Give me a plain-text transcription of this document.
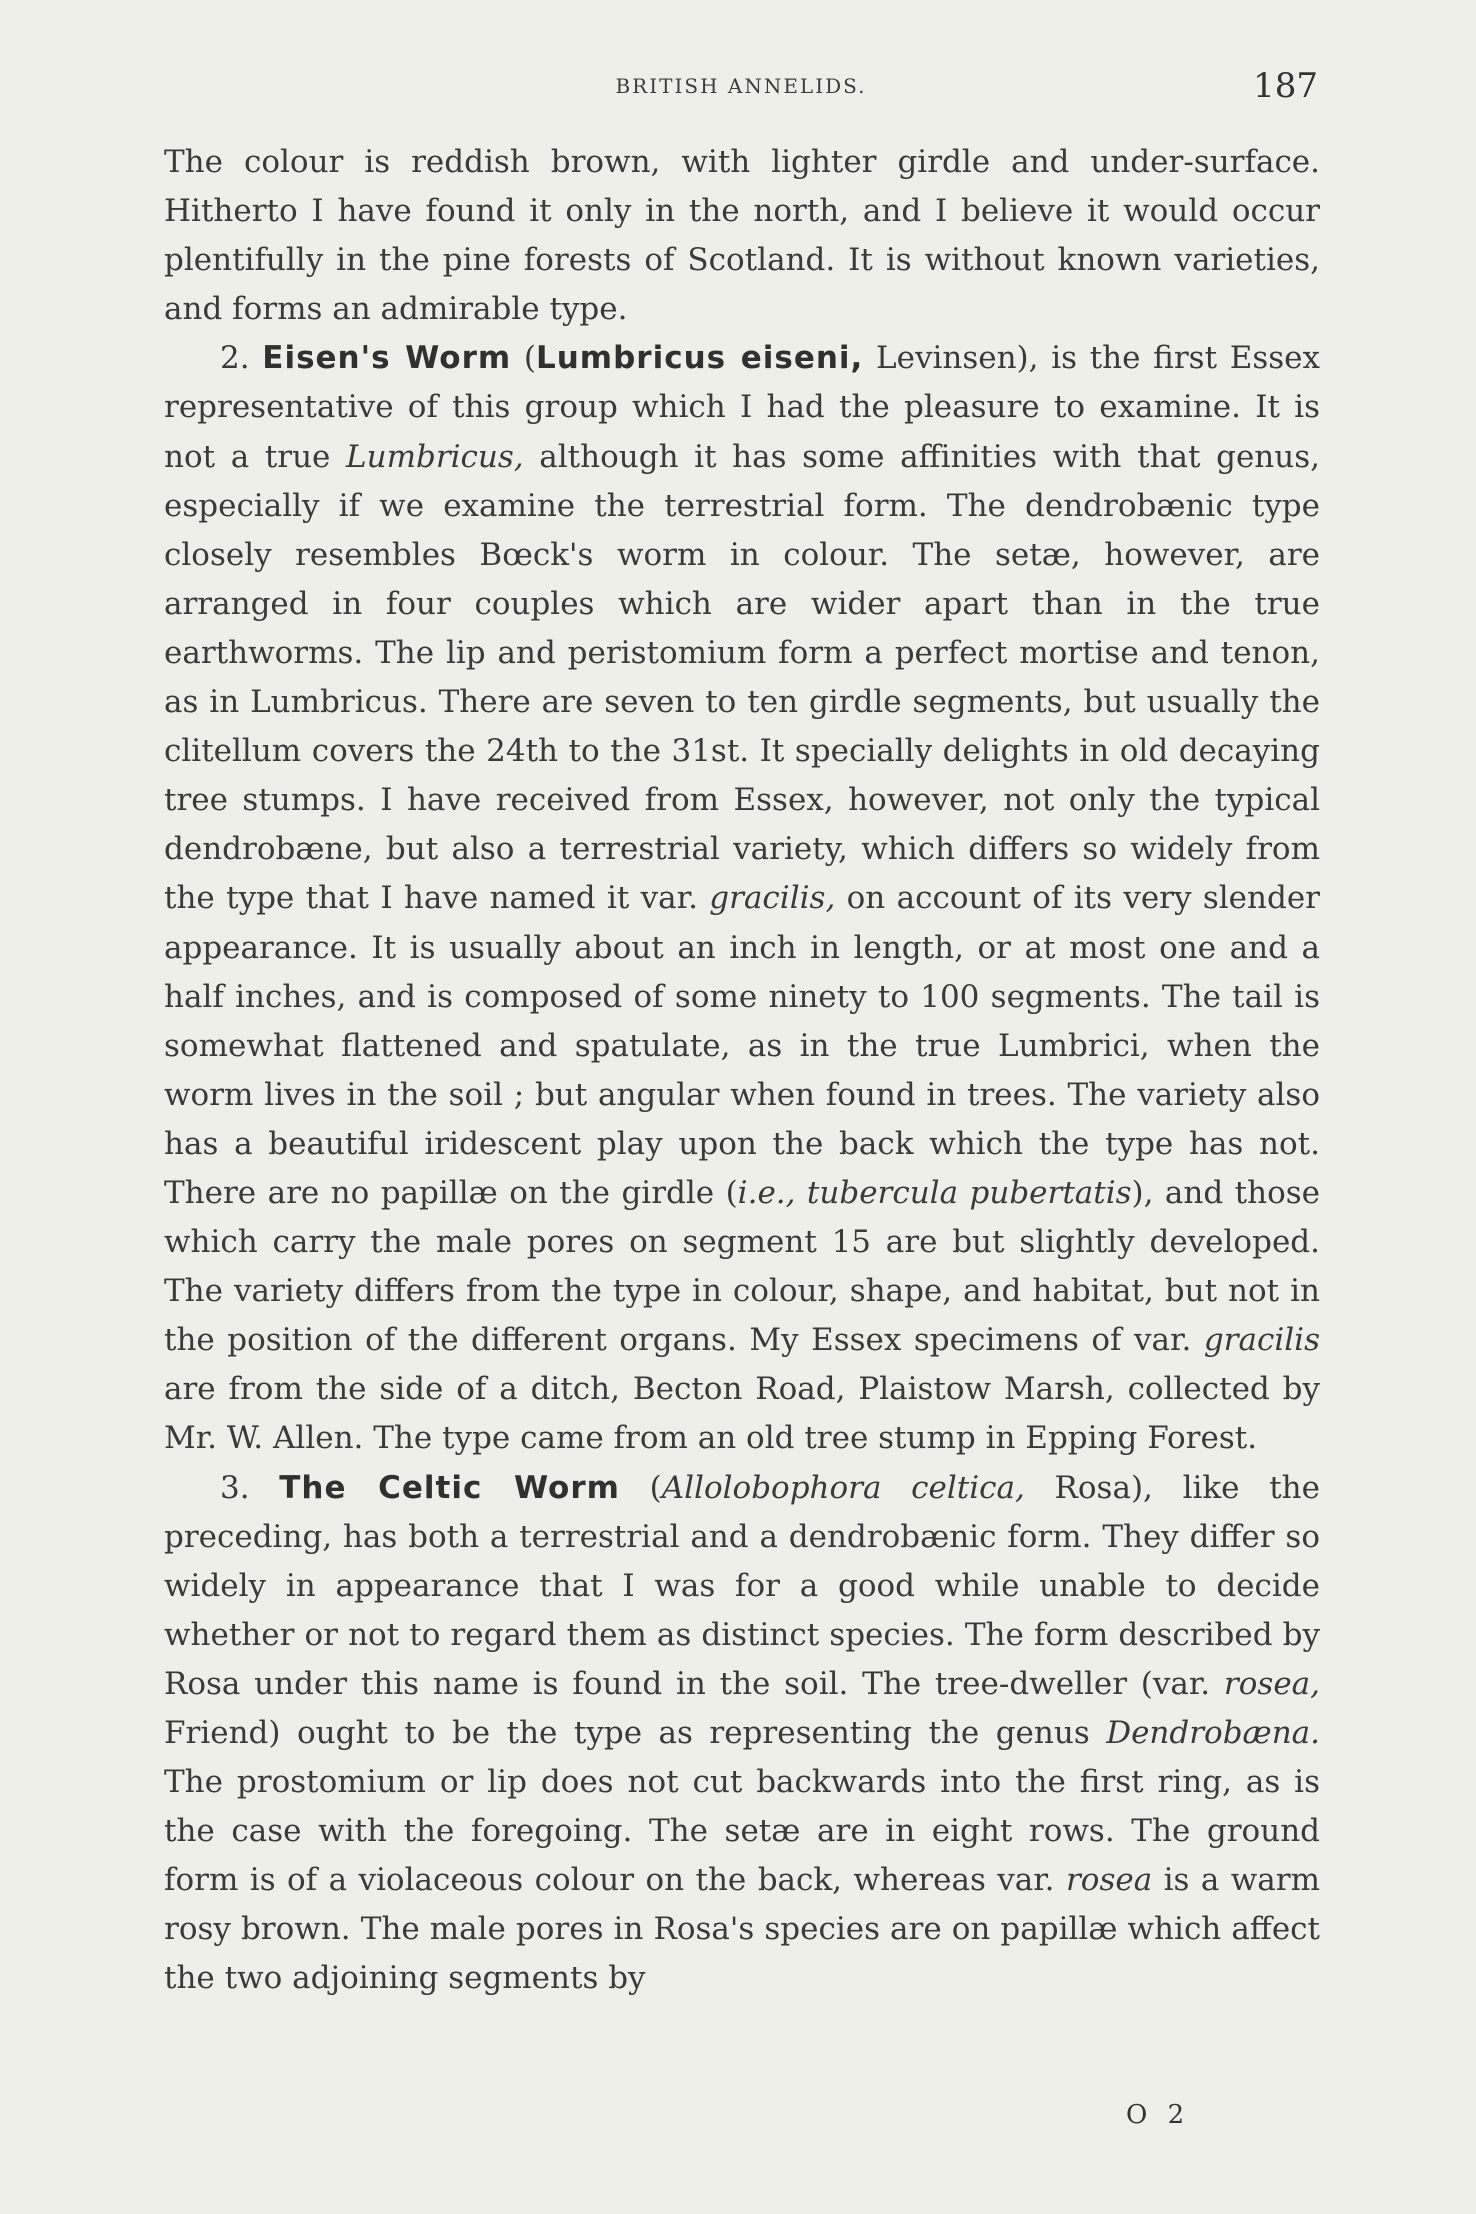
BRITISH ANNELIDS.	187

The colour is reddish brown, with lighter girdle and under-surface. Hitherto I have found it only in the north, and I believe it would occur plentifully in the pine forests of Scotland. It is without known varieties, and forms an admirable type.

2. Eisen's Worm (Lumbricus eiseni, Levinsen), is the first Essex representative of this group which I had the pleasure to examine. It is not a true Lumbricus, although it has some affinities with that genus, especially if we examine the terrestrial form. The dendrobænic type closely resembles Bœck's worm in colour. The setæ, however, are arranged in four couples which are wider apart than in the true earthworms. The lip and peristomium form a perfect mortise and tenon, as in Lumbricus. There are seven to ten girdle segments, but usually the clitellum covers the 24th to the 31st. It specially delights in old decaying tree stumps. I have received from Essex, however, not only the typical dendrobæne, but also a terrestrial variety, which differs so widely from the type that I have named it var. gracilis, on account of its very slender appearance. It is usually about an inch in length, or at most one and a half inches, and is composed of some ninety to 100 segments. The tail is somewhat flattened and spatulate, as in the true Lumbrici, when the worm lives in the soil ; but angular when found in trees. The variety also has a beautiful iridescent play upon the back which the type has not. There are no papillæ on the girdle (i.e., tubercula pubertatis), and those which carry the male pores on segment 15 are but slightly developed. The variety differs from the type in colour, shape, and habitat, but not in the position of the different organs. My Essex specimens of var. gracilis are from the side of a ditch, Becton Road, Plaistow Marsh, collected by Mr. W. Allen. The type came from an old tree stump in Epping Forest.

3. The Celtic Worm (Allolobophora celtica, Rosa), like the preceding, has both a terrestrial and a dendrobænic form. They differ so widely in appearance that I was for a good while unable to decide whether or not to regard them as distinct species. The form described by Rosa under this name is found in the soil. The tree-dweller (var. rosea, Friend) ought to be the type as representing the genus Dendrobæna. The prostomium or lip does not cut backwards into the first ring, as is the case with the foregoing. The setæ are in eight rows. The ground form is of a violaceous colour on the back, whereas var. rosea is a warm rosy brown. The male pores in Rosa's species are on papillæ which affect the two adjoining segments by

O 2
